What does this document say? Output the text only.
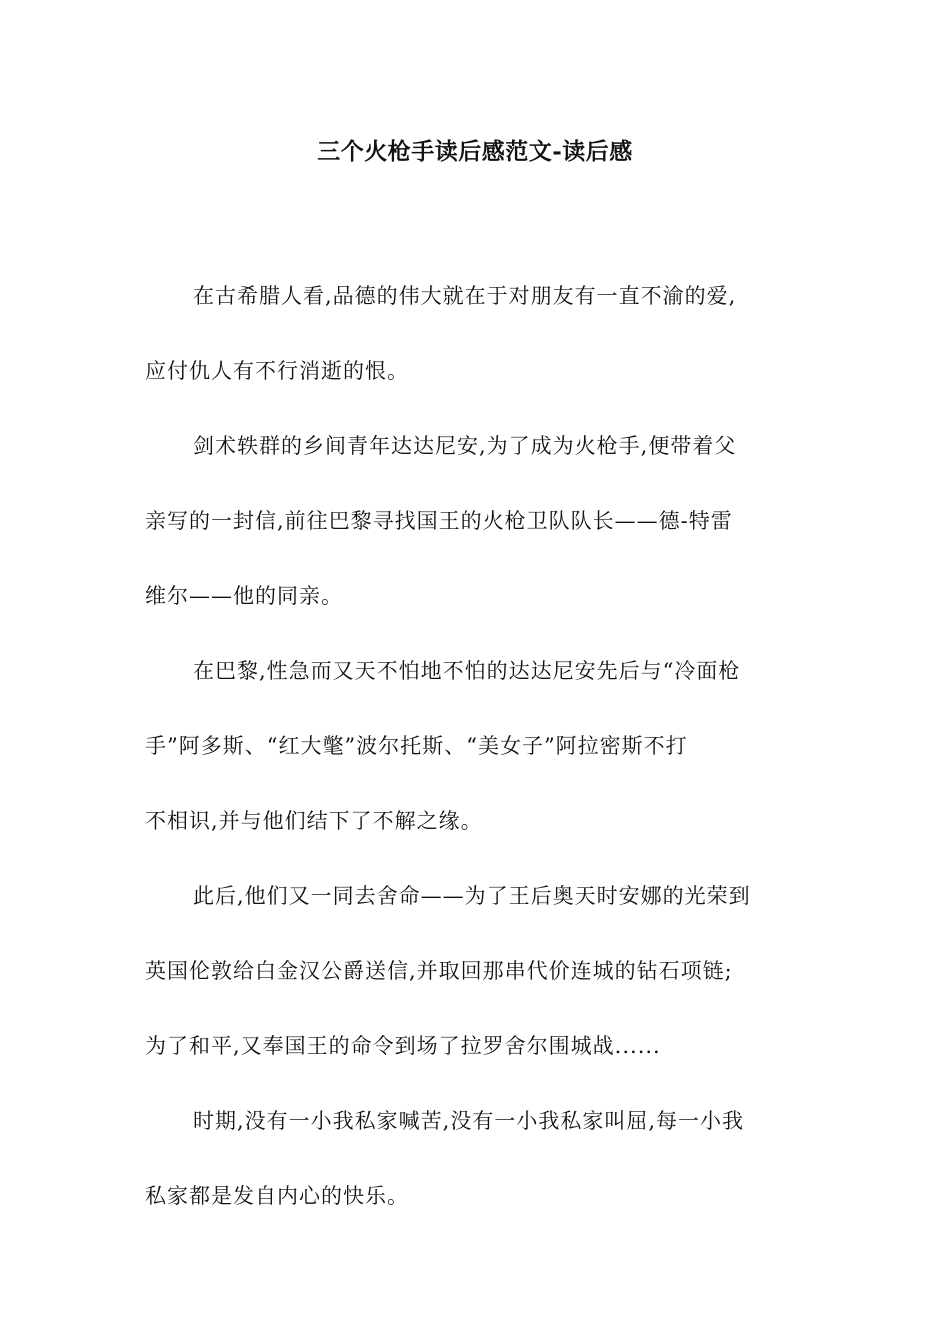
三个火枪手读后感范文-读后感
在古希腊人看,品德的伟大就在于对朋友有一直不渝的爱,
应付仇人有不行消逝的恨。
剑术轶群的乡间青年达达尼安,为了成为火枪手,便带着父
亲写的一封信,前往巴黎寻找国王的火枪卫队队长——德-特雷
维尔——他的同亲。
在巴黎,性急而又天不怕地不怕的达达尼安先后与“冷面枪
手”阿多斯、“红大氅”波尔托斯、“美女子”阿拉密斯不打
不相识,并与他们结下了不解之缘。
此后,他们又一同去舍命——为了王后奥天时安娜的光荣到
英国伦敦给白金汉公爵送信,并取回那串代价连城的钻石项链;
为了和平,又奉国王的命令到场了拉罗舍尔围城战......
时期,没有一小我私家喊苦,没有一小我私家叫屈,每一小我
私家都是发自内心的快乐。
